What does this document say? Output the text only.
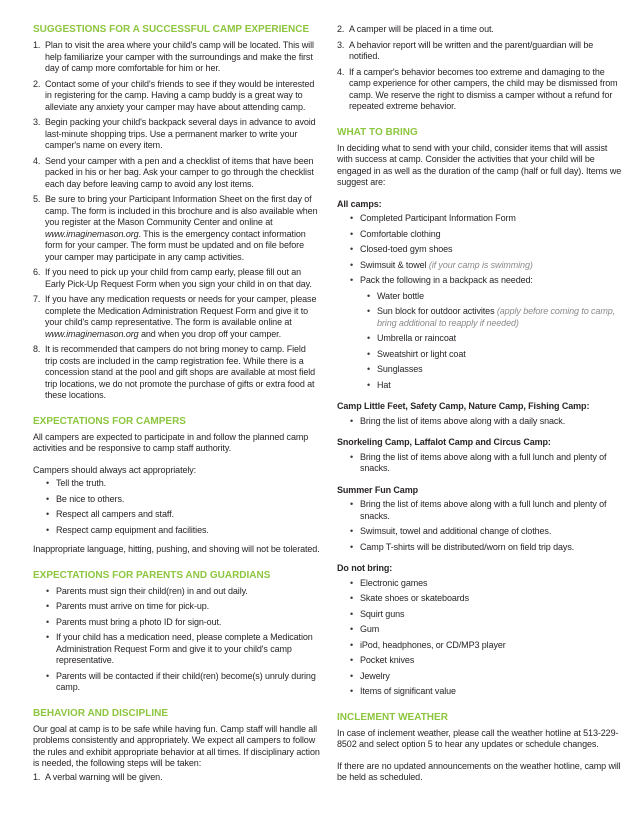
SUGGESTIONS FOR A SUCCESSFUL CAMP EXPERIENCE
Plan to visit the area where your child's camp will be located. This will help familiarize your camper with the surroundings and make the first day of camp more comfortable for him or her.
Contact some of your child's friends to see if they would be interested in registering for the camp. Having a camp buddy is a great way to alleviate any anxiety your camper may have about attending camp.
Begin packing your child's backpack several days in advance to avoid last-minute shopping trips. Use a permanent marker to write your camper's name on every item.
Send your camper with a pen and a checklist of items that have been packed in his or her bag. Ask your camper to go through the checklist each day before leaving camp to avoid any lost items.
Be sure to bring your Participant Information Sheet on the first day of camp. The form is included in this brochure and is also available when you register at the Mason Community Center and online at www.imaginemason.org. This is the emergency contact information form for your camper. The form must be updated and on file before your camper may participate in any camp activities.
If you need to pick up your child from camp early, please fill out an Early Pick-Up Request Form when you sign your child in on that day.
If you have any medication requests or needs for your camper, please complete the Medication Administration Request Form and give it to your child's camp representative. The form is available online at www.imaginemason.org and when you drop off your camper.
It is recommended that campers do not bring money to camp. Field trip costs are included in the camp registration fee. While there is a concession stand at the pool and gift shops are available at most field trip locations, we do not promote the purchase of gifts or extra food at these locations.
EXPECTATIONS FOR CAMPERS

All campers are expected to participate in and follow the planned camp activities and be responsive to camp staff authority.

Campers should always act appropriately:

• Tell the truth.
• Be nice to others.
• Respect all campers and staff.
• Respect camp equipment and facilities.

Inappropriate language, hitting, pushing, and shoving will not be tolerated.

EXPECTATIONS FOR PARENTS AND GUARDIANS
• Parents must sign their child(ren) in and out daily.
• Parents must arrive on time for pick-up.
• Parents must bring a photo ID for sign-out.
• If your child has a medication need, please complete a Medication Administration Request Form and give it to your child's camp representative.
• Parents will be contacted if their child(ren) become(s) unruly during camp.
BEHAVIOR AND DISCIPLINE

Our goal at camp is to be safe while having fun. Camp staff will handle all problems consistently and appropriately. We expect all campers to follow the rules and exhibit appropriate behavior at all times. If disciplinary action is needed, the following steps will be taken:

A verbal warning will be given.
A camper will be placed in a time out.
A behavior report will be written and the parent/guardian will be notified.
If a camper's behavior becomes too extreme and damaging to the camp experience for other campers, the child may be dismissed from camp. We reserve the right to dismiss a camper without a refund for repeated extreme behavior.
WHAT TO BRING

In deciding what to send with your child, consider items that will assist with success at camp. Consider the activities that your child will be engaged in as well as the duration of the camp (half or full day). Items we suggest are:

All camps:
• Completed Participant Information Form
• Comfortable clothing
• Closed-toed gym shoes
• Swimsuit & towel (if your camp is swimming)
• Pack the following in a backpack as needed:
• Water bottle
• Sun block for outdoor activites (apply before coming to camp, bring additional to reapply if needed)
• Umbrella or raincoat
• Sweatshirt or light coat
• Sunglasses
• Hat
Camp Little Feet, Safety Camp, Nature Camp, Fishing Camp:
• Bring the list of items above along with a daily snack.
Snorkeling Camp, Laffalot Camp and Circus Camp:
• Bring the list of items above along with a full lunch and plenty of snacks.
Summer Fun Camp
• Bring the list of items above along with a full lunch and plenty of snacks.
• Swimsuit, towel and additional change of clothes.
• Camp T-shirts will be distributed/worn on field trip days.
Do not bring:
• Electronic games
• Skate shoes or skateboards
• Squirt guns
• Gum
• iPod, headphones, or CD/MP3 player
• Pocket knives
• Jewelry
• Items of significant value
INCLEMENT WEATHER

In case of inclement weather, please call the weather hotline at 513-229-8502 and select option 5 to hear any updates or schedule changes.

If there are no updated announcements on the weather hotline, camp will be held as scheduled.
